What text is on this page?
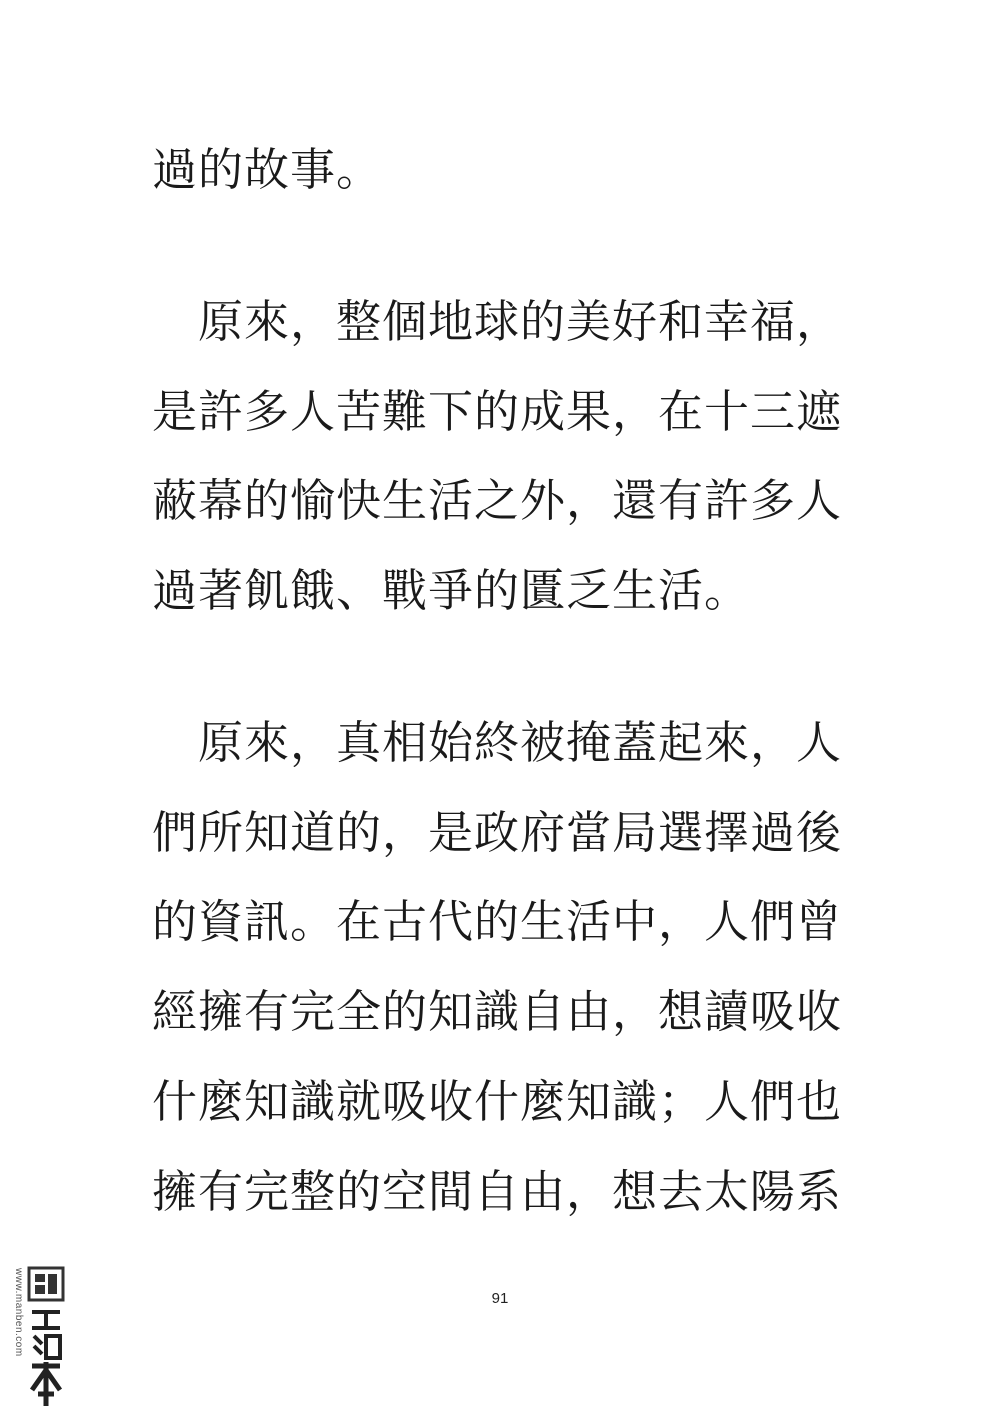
過的故事。
　原來，整個地球的美好和幸福，
是許多人苦難下的成果，在十三遮
蔽幕的愉快生活之外，還有許多人
過著飢餓、戰爭的匱乏生活。
　原來，真相始終被掩蓋起來，人
們所知道的，是政府當局選擇過後
的資訊。在古代的生活中，人們曾
經擁有完全的知識自由，想讀吸收
什麼知識就吸收什麼知識；人們也
擁有完整的空間自由，想去太陽系
91
www.manben.com
